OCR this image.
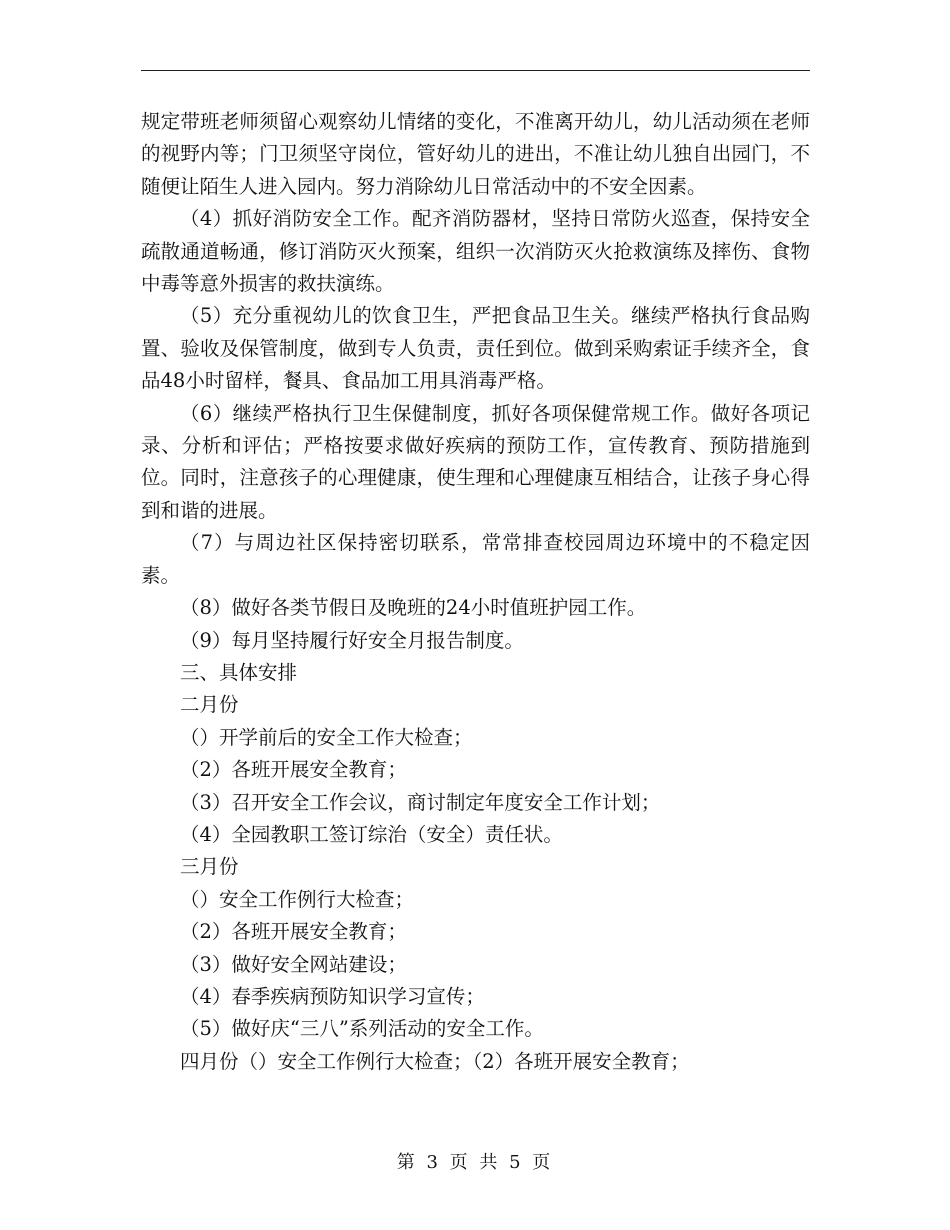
规定带班老师须留心观察幼儿情绪的变化，不准离开幼儿，幼儿活动须在老师的视野内等；门卫须坚守岗位，管好幼儿的进出，不准让幼儿独自出园门，不随便让陌生人进入园内。努力消除幼儿日常活动中的不安全因素。

（4）抓好消防安全工作。配齐消防器材，坚持日常防火巡查，保持安全疏散通道畅通，修订消防灭火预案，组织一次消防灭火抢救演练及摔伤、食物中毒等意外损害的救扶演练。

（5）充分重视幼儿的饮食卫生，严把食品卫生关。继续严格执行食品购置、验收及保管制度，做到专人负责，责任到位。做到采购索证手续齐全，食品48小时留样，餐具、食品加工用具消毒严格。

（6）继续严格执行卫生保健制度，抓好各项保健常规工作。做好各项记录、分析和评估；严格按要求做好疾病的预防工作，宣传教育、预防措施到位。同时，注意孩子的心理健康，使生理和心理健康互相结合，让孩子身心得到和谐的进展。

（7）与周边社区保持密切联系，常常排查校园周边环境中的不稳定因素。

（8）做好各类节假日及晚班的24小时值班护园工作。

（9）每月坚持履行好安全月报告制度。

三、具体安排

二月份

（）开学前后的安全工作大检查；

（2）各班开展安全教育；

（3）召开安全工作会议，商讨制定年度安全工作计划；

（4）全园教职工签订综治（安全）责任状。

三月份

（）安全工作例行大检查；

（2）各班开展安全教育；

（3）做好安全网站建设；

（4）春季疾病预防知识学习宣传；

（5）做好庆“三八”系列活动的安全工作。

四月份（）安全工作例行大检查；（2）各班开展安全教育；

第 3 页 共 5 页
